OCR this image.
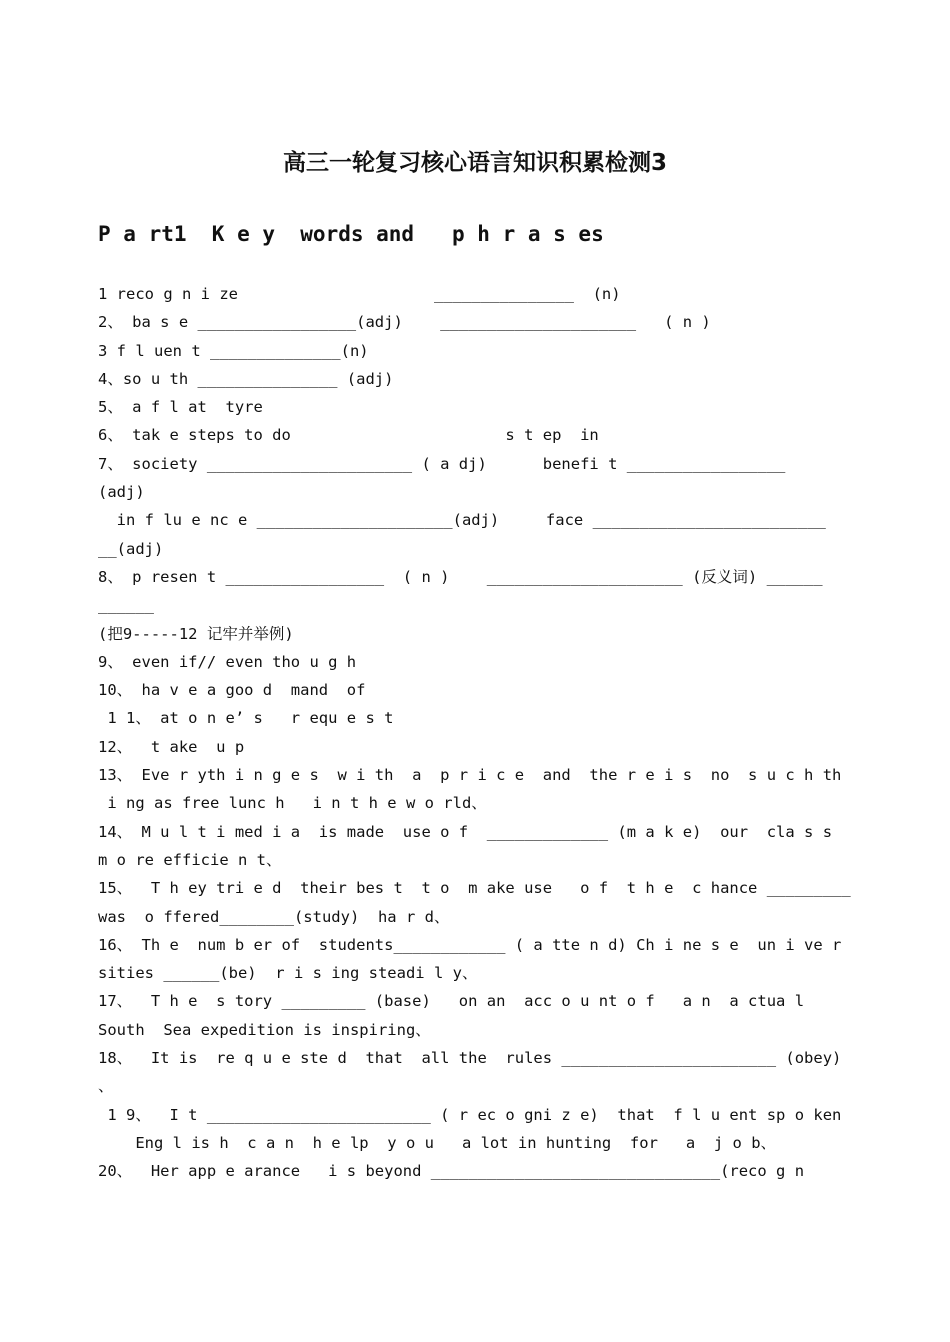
高三一轮复习核心语言知识积累检测3
P a rt1  K e y  words and   p h r a s es
1 reco g n i ze                     _______________  (n)
2、 ba s e _________________(adj)    _____________________   ( n )
3 f l uen t ______________(n)
4、so u th _______________ (adj)
5、 a f l at  tyre
6、 tak e steps to do                       s t ep  in
7、 society ______________________ ( a dj)      benefi t _________________
(adj)
in f lu e nc e _____________________(adj)     face _________________________
__(adj)
8、 p resen t _________________  ( n )    _____________________ (反义词) ______
______
(把9-----12 记牢并举例)
9、 even if// even tho u g h
10、 ha v e a goo d  mand  of
1 1、 at o n e’ s   r equ e s t
12、  t ake  u p
13、 Eve r yth i n g e s  w i th  a  p r i c e  and  the r e i s  no  s u c h th
i ng as free lunc h   i n t h e w o rld、
14、 M u l t i med i a  is made  use o f  _____________ (m a k e)  our  cla s s
m o re efficie n t、
15、  T h ey tri e d  their bes t  t o  m ake use   o f  t h e  c hance _________
was  o ffered________(study)  ha r d、
16、 Th e  num b er of  students____________ ( a tte n d) Ch i ne s e  un i ve r
sities ______(be)  r i s ing steadi l y、
17、  T h e  s tory _________ (base)   on an  acc o u nt o f   a n  a ctua l
South  Sea expedition is inspiring、
18、  It is  re q u e ste d  that  all the  rules _______________________ (obey)
、
1 9、  I t ________________________ ( r ec o gni z e)  that  f l u ent sp o ken
Eng l is h  c a n  h e lp  y o u   a lot in hunting  for   a  j o b、
20、  Her app e arance   i s beyond _______________________________(reco g n
